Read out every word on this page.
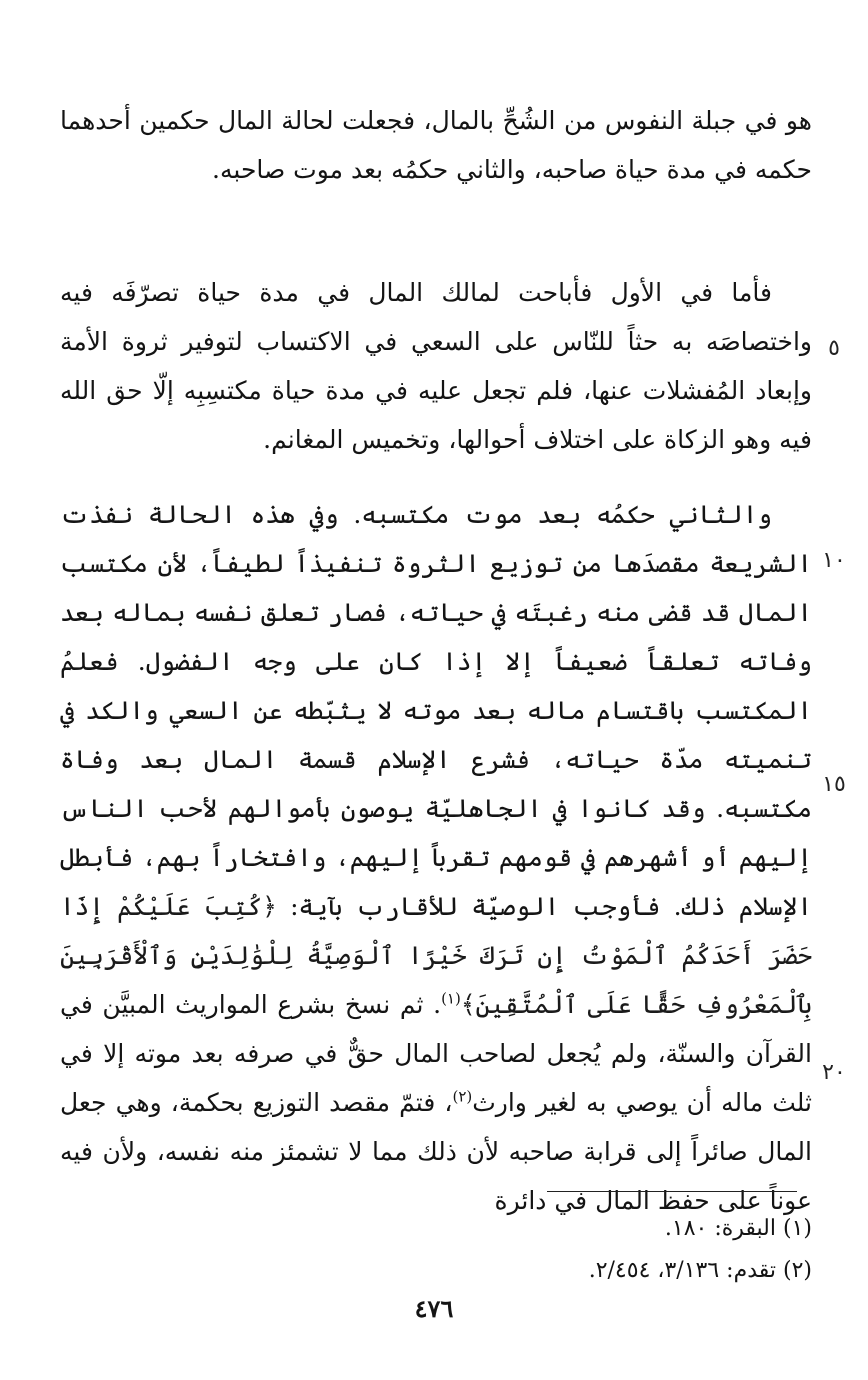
هو في جبلة النفوس من الشُحِّ بالمال، فجعلت لحالة المال حكمين أحدهما حكمه في مدة حياة صاحبه، والثاني حكمُه بعد موت صاحبه.

فأما في الأول فأباحت لمالك المال في مدة حياة تصرّفَه فيه واختصاصَه به حثاً للنّاس على السعي في الاكتساب لتوفير ثروة الأمة وإبعاد المُفشلات عنها، فلم تجعل عليه في مدة حياة مكتسِبِه إلّا حق الله فيه وهو الزكاة على اختلاف أحوالها، وتخميس المغانم.

والثاني حكمُه بعد موت مكتسبه. وفي هذه الحالة نفذت الشريعة مقصدَها من توزيع الثروة تنفيذاً لطيفاً، لأن مكتسب المال قد قضى منه رغبتَه في حياته، فصار تعلق نفسه بماله بعد وفاته تعلقاً ضعيفاً إلا إذا كان على وجه الفضول. فعلمُ المكتسب باقتسام ماله بعد موته لا يثبّطه عن السعي والكد في تنميته مدّة حياته، فشرع الإسلام قسمة المال بعد وفاة مكتسبه. وقد كانوا في الجاهليّة يوصون بأموالهم لأحب الناس إليهم أو أشهرهم في قومهم تقرباً إليهم، وافتخاراً بهم، فأبطل الإسلام ذلك. فأوجب الوصيّة للأقارب بآية: ﴿كُتِبَ عَلَيْكُمْ إِذَا حَضَرَ أَحَدَكُمُ ٱلْمَوْتُ إِن تَرَكَ خَيْرًا ٱلْوَصِيَّةُ لِلْوَٰلِدَيْنِ وَٱلْأَقْرَبِينَ بِٱلْمَعْرُوفِ حَقًّا عَلَى ٱلْمُتَّقِينَ﴾$^{(١)}$. ثم نسخ بشرع المواريث المبيَّن في القرآن والسنّة، ولم يُجعل لصاحب المال حقٌّ في صرفه بعد موته إلا في ثلث ماله أن يوصي به لغير وارث$^{(٢)}$، فتمّ مقصد التوزيع بحكمة، وهي جعل المال صائراً إلى قرابة صاحبه لأن ذلك مما لا تشمئز منه نفسه، ولأن فيه عوناً على حفظ المال في دائرة

٥
١٠
١٥
٢٠
(١) البقرة: ١٨٠.
(٢) تقدم: ٣/١٣٦، ٢/٤٥٤.
٤٧٦
